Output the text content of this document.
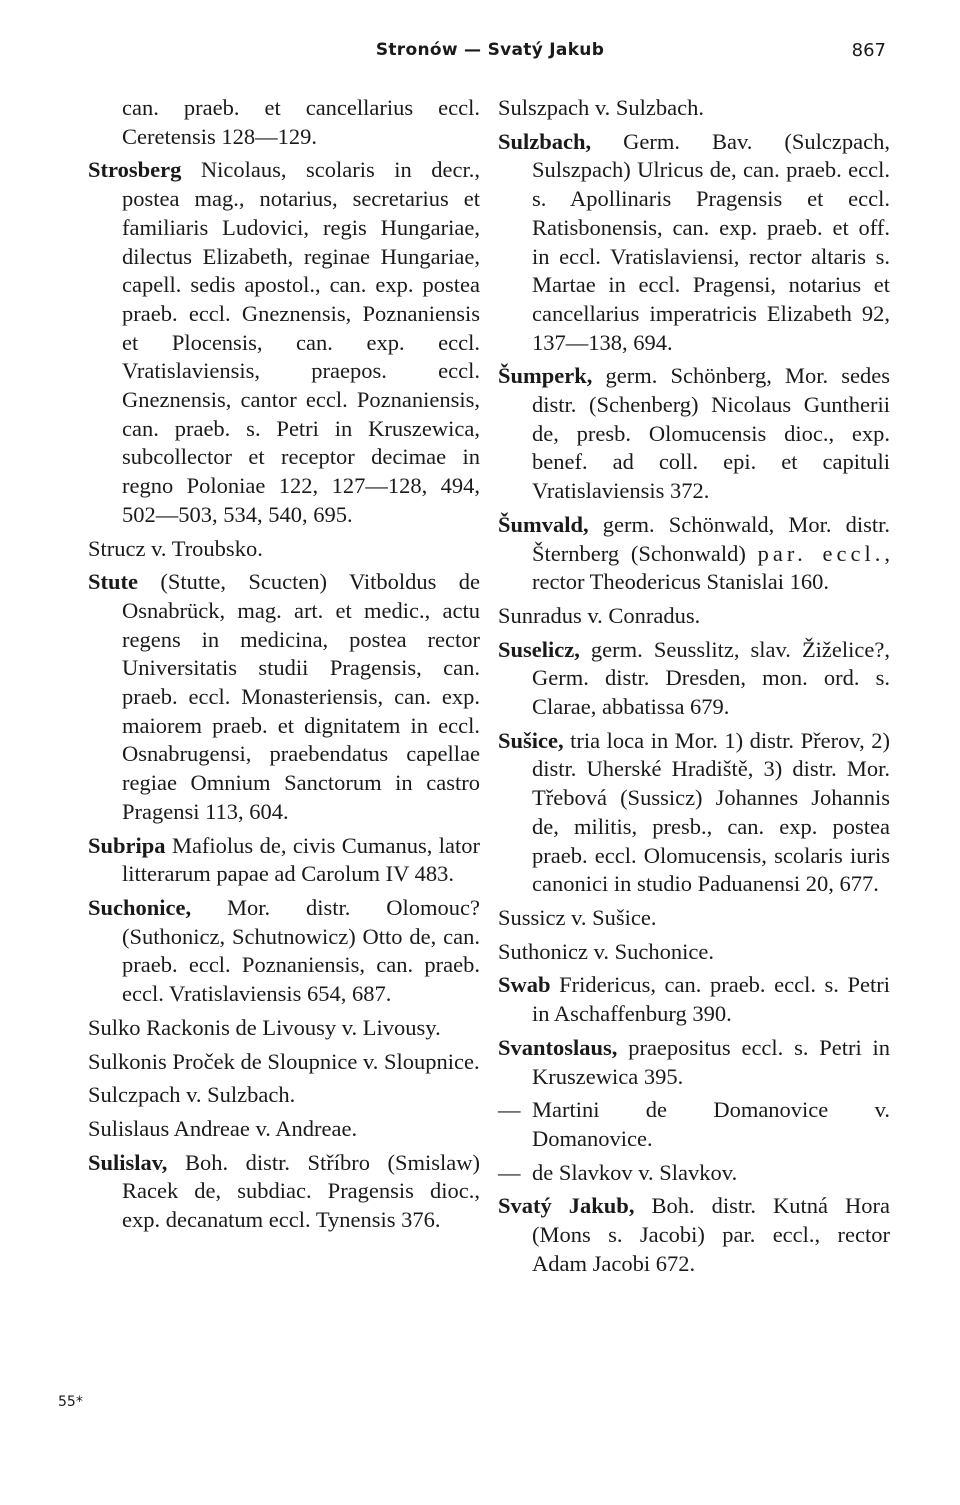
Stronów — Svatý Jakub	867

can. praeb. et cancellarius eccl. Ceretensis 128—129.

Strosberg Nicolaus, scolaris in decr., postea mag., notarius, secretarius et familiaris Ludovici, regis Hungariae, dilectus Elizabeth, reginae Hungariae, capell. sedis apostol., can. exp. postea praeb. eccl. Gneznensis, Poznaniensis et Plocensis, can. exp. eccl. Vratislaviensis, praepos. eccl. Gneznensis, cantor eccl. Poznaniensis, can. praeb. s. Petri in Kruszewica, subcollector et receptor decimae in regno Poloniae 122, 127—128, 494, 502—503, 534, 540, 695.

Strucz v. Troubsko.

Stute (Stutte, Scucten) Vitboldus de Osnabrück, mag. art. et medic., actu regens in medicina, postea rector Universitatis studii Pragensis, can. praeb. eccl. Monasteriensis, can. exp. maiorem praeb. et dignitatem in eccl. Osnabrugensi, praebendatus capellae regiae Omnium Sanctorum in castro Pragensi 113, 604.

Subripa Mafiolus de, civis Cumanus, lator litterarum papae ad Carolum IV 483.

Suchonice, Mor. distr. Olomouc? (Suthonicz, Schutnowicz) Otto de, can. praeb. eccl. Poznaniensis, can. praeb. eccl. Vratislaviensis 654, 687.

Sulko Rackonis de Livousy v. Livousy.

Sulkonis Proček de Sloupnice v. Sloupnice.

Sulczpach v. Sulzbach.

Sulislaus Andreae v. Andreae.

Sulislav, Boh. distr. Stříbro (Smislaw) Racek de, subdiac. Pragensis dioc., exp. decanatum eccl. Tynensis 376.

Sulszpach v. Sulzbach.

Sulzbach, Germ. Bav. (Sulczpach, Sulszpach) Ulricus de, can. praeb. eccl. s. Apollinaris Pragensis et eccl. Ratisbonensis, can. exp. praeb. et off. in eccl. Vratislaviensi, rector altaris s. Martae in eccl. Pragensi, notarius et cancellarius imperatricis Elizabeth 92, 137—138, 694.

Šumperk, germ. Schönberg, Mor. sedes distr. (Schenberg) Nicolaus Guntherii de, presb. Olomucensis dioc., exp. benef. ad coll. epi. et capituli Vratislaviensis 372.

Šumvald, germ. Schönwald, Mor. distr. Šternberg (Schonwald) par. eccl., rector Theodericus Stanislai 160.

Sunradus v. Conradus.

Suselicz, germ. Seusslitz, slav. Žiželice?, Germ. distr. Dresden, mon. ord. s. Clarae, abbatissa 679.

Sušice, tria loca in Mor. 1) distr. Přerov, 2) distr. Uherské Hradiště, 3) distr. Mor. Třebová (Sussicz) Johannes Johannis de, militis, presb., can. exp. postea praeb. eccl. Olomucensis, scolaris iuris canonici in studio Paduanensi 20, 677.

Sussicz v. Sušice.

Suthonicz v. Suchonice.

Swab Fridericus, can. praeb. eccl. s. Petri in Aschaffenburg 390.

Svantoslaus, praepositus eccl. s. Petri in Kruszewica 395.

— Martini de Domanovice v. Domanovice.

— de Slavkov v. Slavkov.

Svatý Jakub, Boh. distr. Kutná Hora (Mons s. Jacobi) par. eccl., rector Adam Jacobi 672.

55*
